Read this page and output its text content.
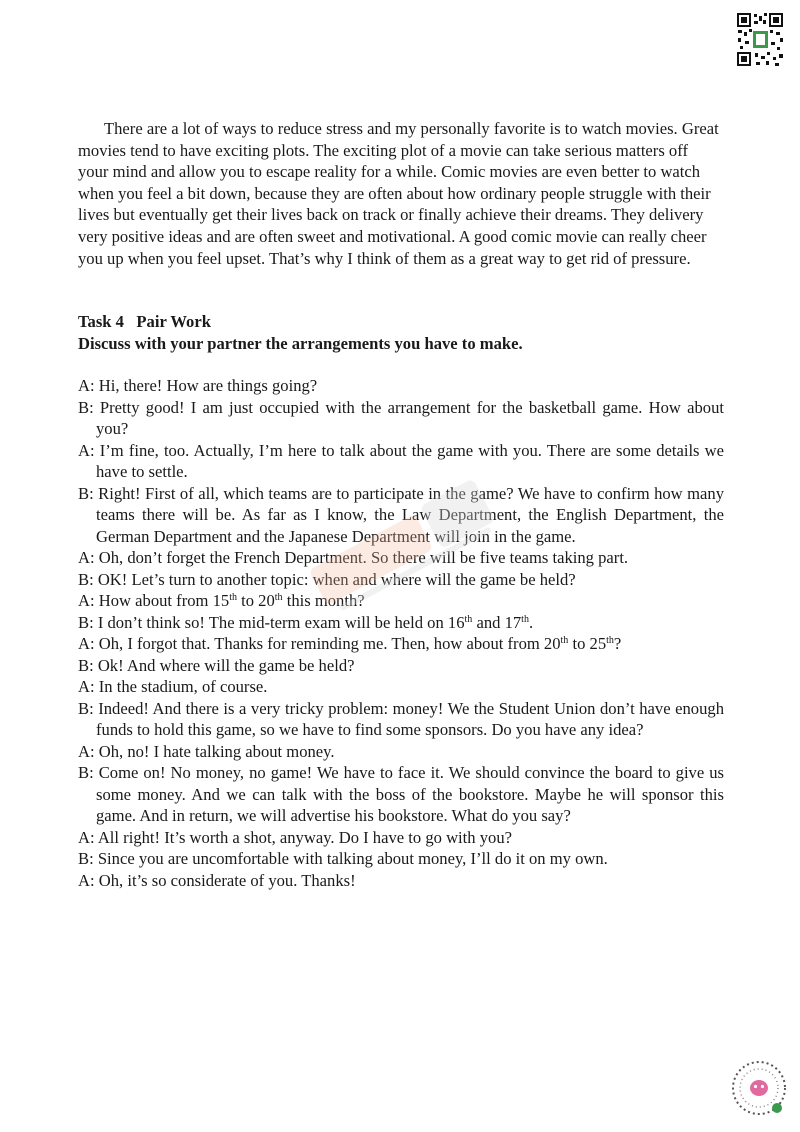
There are a lot of ways to reduce stress and my personally favorite is to watch movies. Great movies tend to have exciting plots. The exciting plot of a movie can take serious matters off your mind and allow you to escape reality for a while. Comic movies are even better to watch when you feel a bit down, because they are often about how ordinary people struggle with their lives but eventually get their lives back on track or finally achieve their dreams. They delivery very positive ideas and are often sweet and motivational. A good comic movie can really cheer you up when you feel upset. That’s why I think of them as a great way to get rid of pressure.

Task 4   Pair Work

Discuss with your partner the arrangements you have to make.

A: Hi, there! How are things going?
B: Pretty good! I am just occupied with the arrangement for the basketball game. How about you?
A: I’m fine, too. Actually, I’m here to talk about the game with you. There are some details we have to settle.
B: Right! First of all, which teams are to participate in the game? We have to confirm how many teams there will be. As far as I know, the Law Department, the English Department, the German Department and the Japanese Department will join in the game.
A: Oh, don’t forget the French Department. So there will be five teams taking part.
B: OK! Let’s turn to another topic: when and where will the game be held?
A: How about from 15th to 20th this month?
B: I don’t think so! The mid-term exam will be held on 16th and 17th.
A: Oh, I forgot that. Thanks for reminding me. Then, how about from 20th to 25th?
B: Ok! And where will the game be held?
A: In the stadium, of course.
B: Indeed! And there is a very tricky problem: money! We the Student Union don’t have enough funds to hold this game, so we have to find some sponsors. Do you have any idea?
A: Oh, no! I hate talking about money.
B: Come on! No money, no game! We have to face it. We should convince the board to give us some money. And we can talk with the boss of the bookstore. Maybe he will sponsor this game. And in return, we will advertise his bookstore. What do you say?
A: All right! It’s worth a shot, anyway. Do I have to go with you?
B: Since you are uncomfortable with talking about money, I’ll do it on my own.
A: Oh, it’s so considerate of you. Thanks!
